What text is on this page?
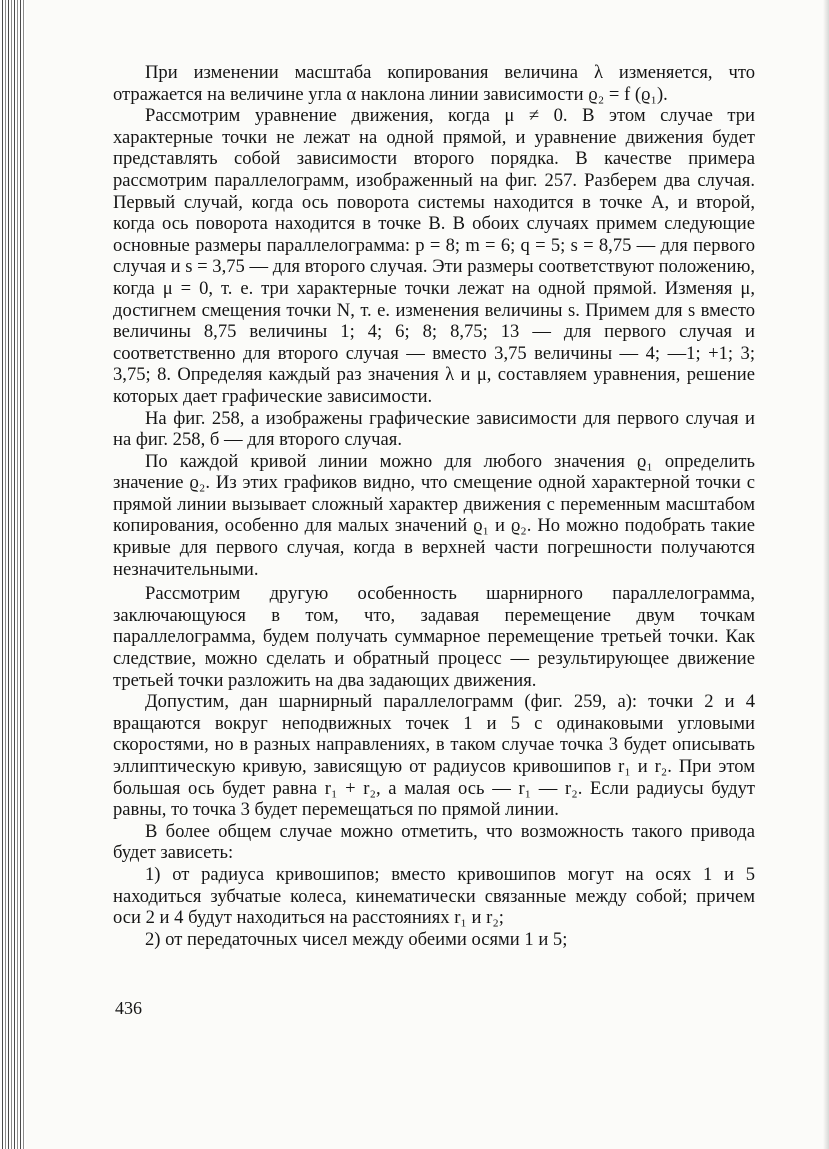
При изменении масштаба копирования величина λ изменяется, что отражается на величине угла α наклона линии зависимости ϱ₂ = f (ϱ₁).

Рассмотрим уравнение движения, когда μ ≠ 0. В этом случае три характерные точки не лежат на одной прямой, и уравнение движения будет представлять собой зависимости второго порядка. В качестве примера рассмотрим параллелограмм, изображенный на фиг. 257. Разберем два случая. Первый случай, когда ось поворота системы находится в точке A, и второй, когда ось поворота находится в точке B. В обоих случаях примем следующие основные размеры параллелограмма: p = 8; m = 6; q = 5; s = 8,75 — для первого случая и s = 3,75 — для второго случая. Эти размеры соответствуют положению, когда μ = 0, т. е. три характерные точки лежат на одной прямой. Изменяя μ, достигнем смещения точки N, т. е. изменения величины s. Примем для s вместо величины 8,75 величины 1; 4; 6; 8; 8,75; 13 — для первого случая и соответственно для второго случая — вместо 3,75 величины — 4; —1; +1; 3; 3,75; 8. Определяя каждый раз значения λ и μ, составляем уравнения, решение которых дает графические зависимости.

На фиг. 258, а изображены графические зависимости для первого случая и на фиг. 258, б — для второго случая.

По каждой кривой линии можно для любого значения ϱ₁ определить значение ϱ₂. Из этих графиков видно, что смещение одной характерной точки с прямой линии вызывает сложный характер движения с переменным масштабом копирования, особенно для малых значений ϱ₁ и ϱ₂. Но можно подобрать такие кривые для первого случая, когда в верхней части погрешности получаются незначительными.

Рассмотрим другую особенность шарнирного параллелограмма, заключающуюся в том, что, задавая перемещение двум точкам параллелограмма, будем получать суммарное перемещение третьей точки. Как следствие, можно сделать и обратный процесс — результирующее движение третьей точки разложить на два задающих движения.

Допустим, дан шарнирный параллелограмм (фиг. 259, а): точки 2 и 4 вращаются вокруг неподвижных точек 1 и 5 с одинаковыми угловыми скоростями, но в разных направлениях, в таком случае точка 3 будет описывать эллиптическую кривую, зависящую от радиусов кривошипов r₁ и r₂. При этом большая ось будет равна r₁ + r₂, а малая ось — r₁ — r₂. Если радиусы будут равны, то точка 3 будет перемещаться по прямой линии.

В более общем случае можно отметить, что возможность такого привода будет зависеть:

1) от радиуса кривошипов; вместо кривошипов могут на осях 1 и 5 находиться зубчатые колеса, кинематически связанные между собой; причем оси 2 и 4 будут находиться на расстояниях r₁ и r₂;

2) от передаточных чисел между обеими осями 1 и 5;

436
